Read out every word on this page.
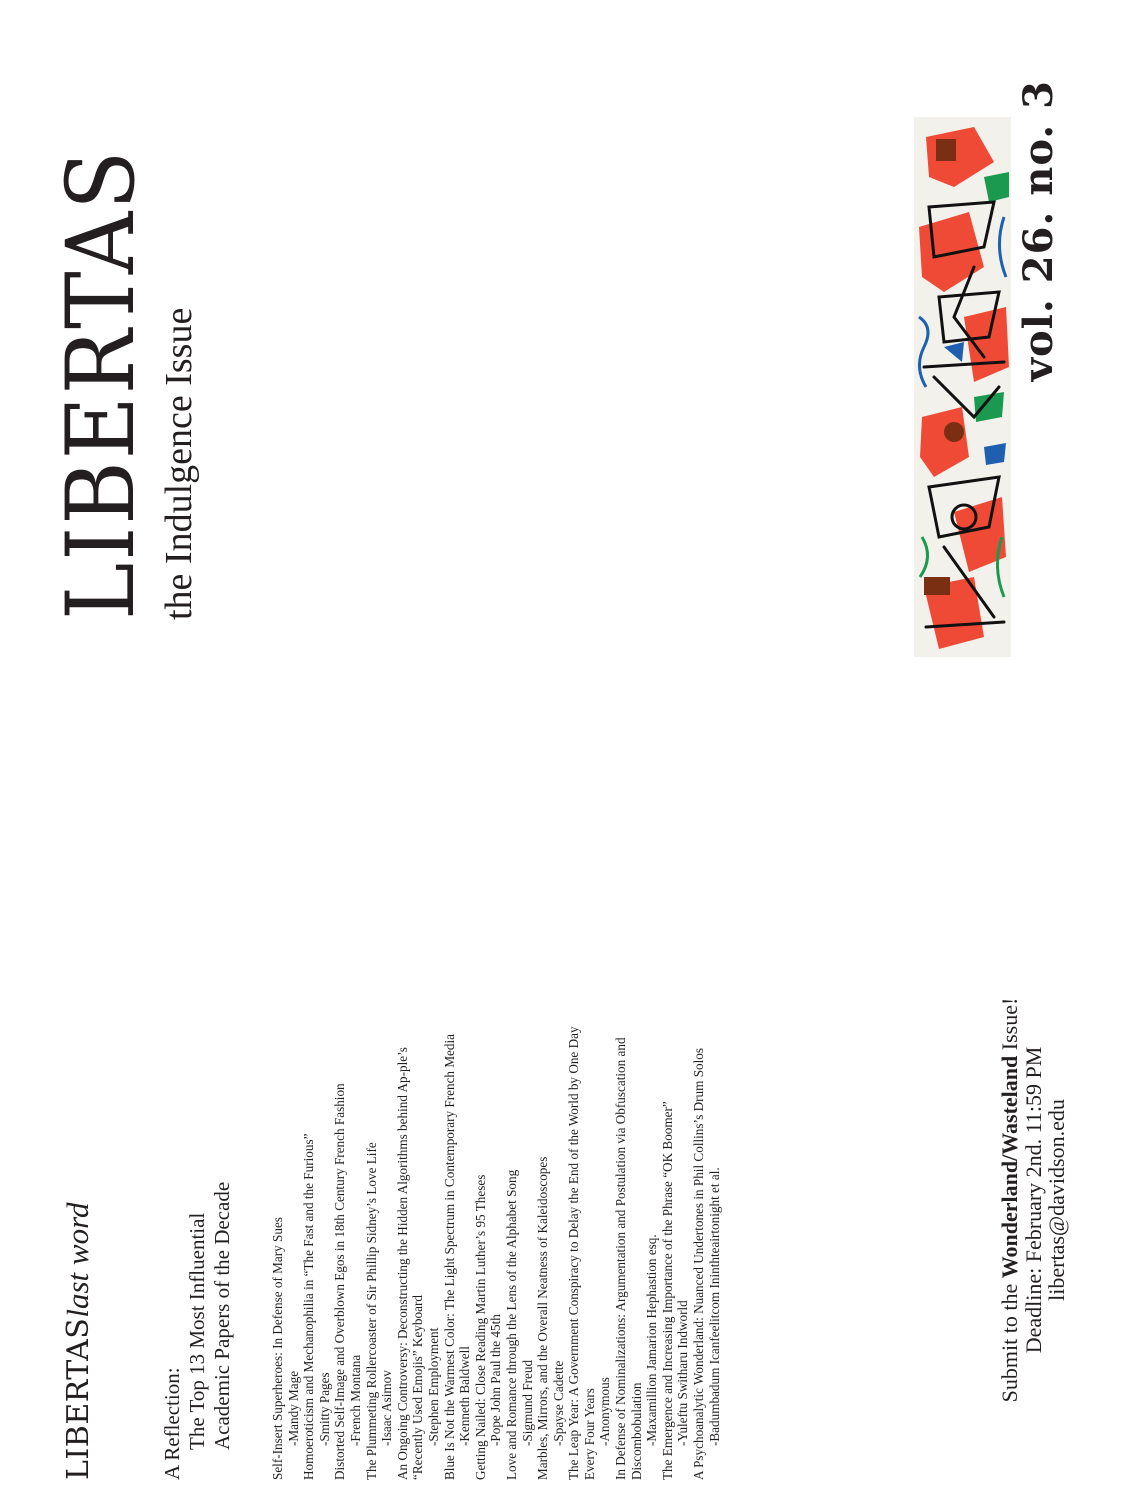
LIBERTAS the Indulgence Issue
vol. 26. no. 3
LIBERTASlast word
A Reflection: The Top 13 Most Influential Academic Papers of the Decade	Self-Insert Superheroes: In Defense of Mary Sues -Mandy Mage Homoeroticism and Mechanophilia in “The Fast and the Furious” -Smitty Pages Distorted Self-Image and Overblown Egos in 18th Century French Fashion -French Montana The Plummeting Rollercoaster of Sir Phillip Sidney’s Love Life -Isaac Asimov An Ongoing Controversy: Deconstructing the Hidden Algorithms behind Ap-ple’s “Recently Used Emojis” Keyboard -Stephen Employment Blue Is Not the Warmest Color: The Light Spectrum in Contemporary French Media -Kenneth Baldwell Getting Nailed: Close Reading Martin Luther’s 95 Theses -Pope John Paul the 45th Love and Romance through the Lens of the Alphabet Song -Sigmund Freud Marbles, Mirrors, and the Overall Neatness of Kaleidoscopes -Spayse Cadette The Leap Year: A Government Conspiracy to Delay the End of the World by One Day Every Four Years -Anonymous In Defense of Nominalizations: Argumentation and Postulation via Obfuscation and Discombobulation -Maxamillion Jamarion Hephastion esq. The Emergence and Increasing Importance of the Phrase “OK Boomer” -Yuleftu Switharu Indworld A Psychoanalytic Wonderland: Nuanced Undertones in Phil Collins’s Drum Solos -Badumbadum Icanfeelitcom Ininthteairtonight et al.	Submit to the Wonderland/Wasteland Issue!
Deadline: February 2nd. 11:59 PM
libertas@davidson.edu
